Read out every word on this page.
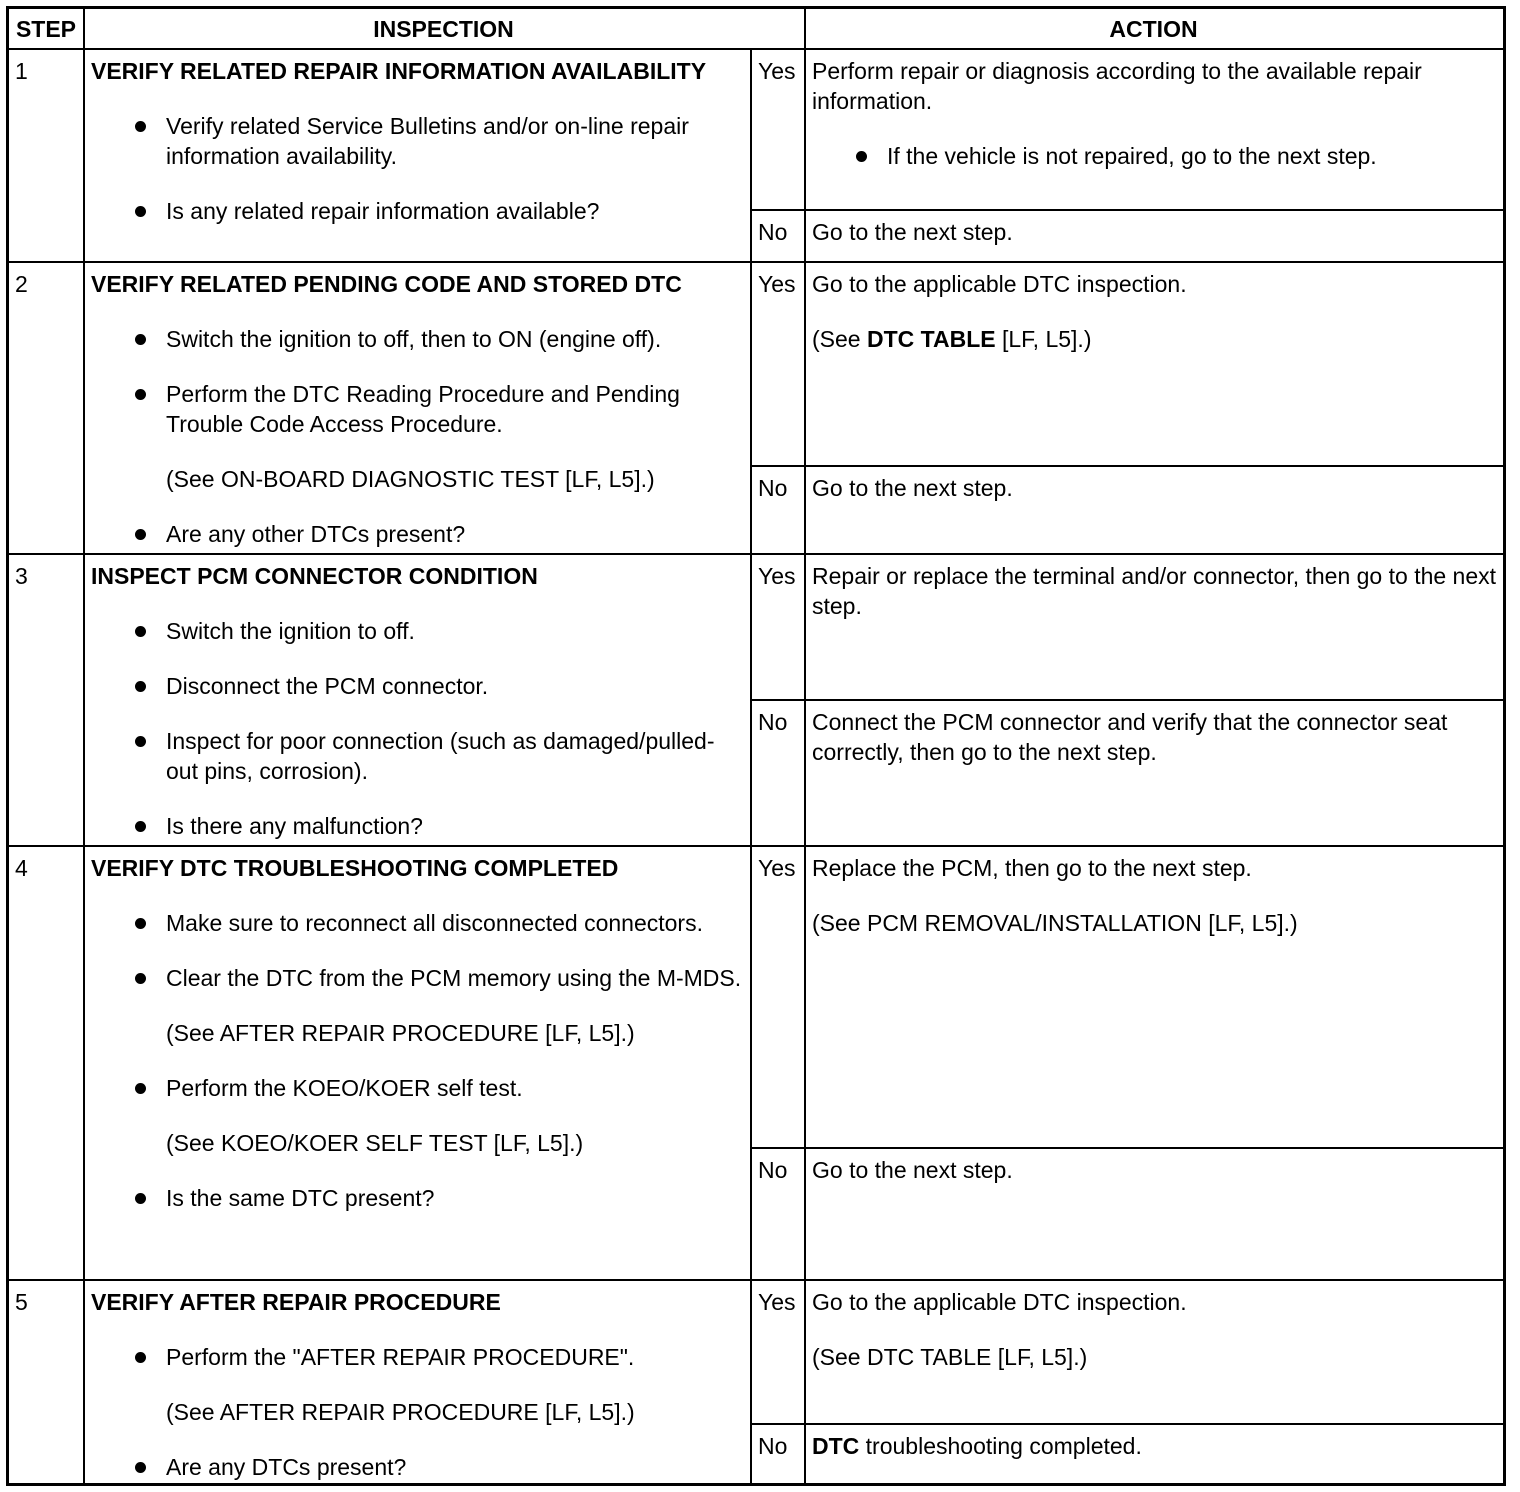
STEP	INSPECTION	ACTION
1	VERIFY RELATED REPAIR INFORMATION AVAILABILITY
Verify related Service Bulletins and/or on-line repair information availability.
Is any related repair information available?
Yes Perform repair or diagnosis according to the available repair information.

If the vehicle is not repaired, go to the next step.
No	Go to the next step.

2	VERIFY RELATED PENDING CODE AND STORED DTC
Switch the ignition to off, then to ON (engine off).
Perform the DTC Reading Procedure and Pending Trouble Code Access Procedure.
(See ON-BOARD DIAGNOSTIC TEST [LF, L5].)
Are any other DTCs present?
Yes Go to the applicable DTC inspection.

(See DTC TABLE [LF, L5].)

No	Go to the next step.

3	INSPECT PCM CONNECTOR CONDITION
Switch the ignition to off.
Disconnect the PCM connector.
Inspect for poor connection (such as damaged/pulled-out pins, corrosion).
Is there any malfunction?
Yes Repair or replace the terminal and/or connector, then go to the next step.

No	Connect the PCM connector and verify that the connector seat correctly, then go to the next step.

4	VERIFY DTC TROUBLESHOOTING COMPLETED
Make sure to reconnect all disconnected connectors.
Clear the DTC from the PCM memory using the M-MDS.
(See AFTER REPAIR PROCEDURE [LF, L5].)
Perform the KOEO/KOER self test.
(See KOEO/KOER SELF TEST [LF, L5].)
Is the same DTC present?
Yes Replace the PCM, then go to the next step.

(See PCM REMOVAL/INSTALLATION [LF, L5].)

No	Go to the next step.

5	VERIFY AFTER REPAIR PROCEDURE
Perform the "AFTER REPAIR PROCEDURE".
(See AFTER REPAIR PROCEDURE [LF, L5].)
Are any DTCs present?
Yes Go to the applicable DTC inspection.

(See DTC TABLE [LF, L5].)

No	DTC troubleshooting completed.
